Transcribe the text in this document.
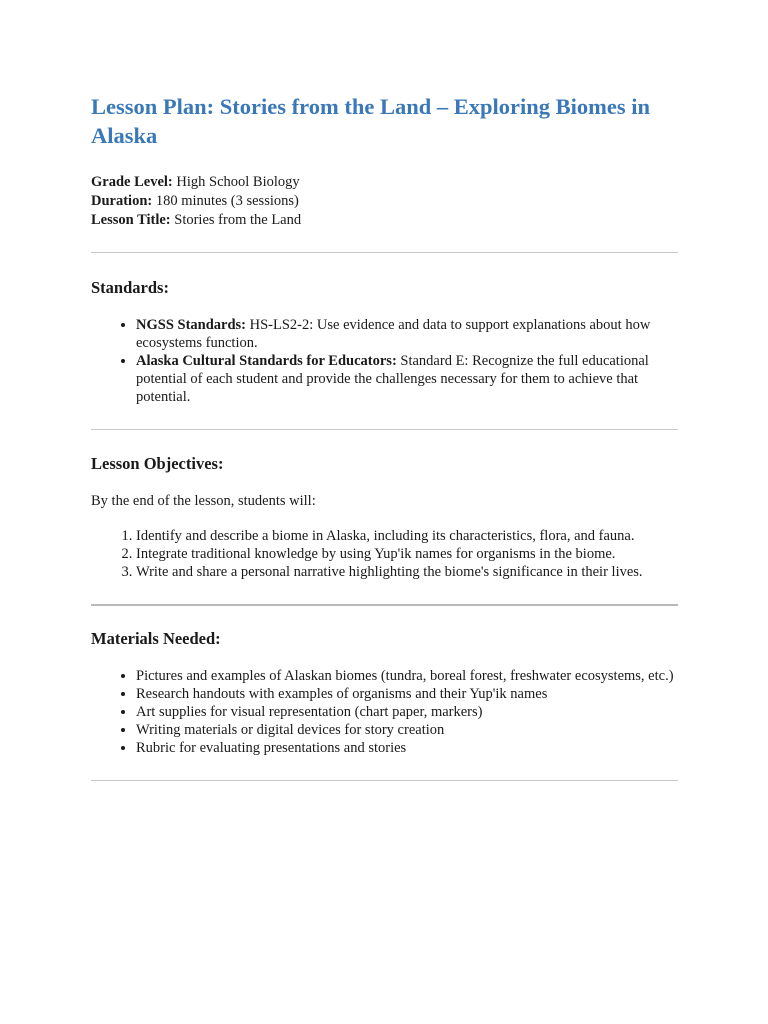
Lesson Plan: Stories from the Land – Exploring Biomes in Alaska
Grade Level: High School Biology
Duration: 180 minutes (3 sessions)
Lesson Title: Stories from the Land
Standards:
• NGSS Standards: HS-LS2-2: Use evidence and data to support explanations about how ecosystems function.
• Alaska Cultural Standards for Educators: Standard E: Recognize the full educational potential of each student and provide the challenges necessary for them to achieve that potential.
Lesson Objectives:
By the end of the lesson, students will:
1. Identify and describe a biome in Alaska, including its characteristics, flora, and fauna.
2. Integrate traditional knowledge by using Yup'ik names for organisms in the biome.
3. Write and share a personal narrative highlighting the biome's significance in their lives.
Materials Needed:
• Pictures and examples of Alaskan biomes (tundra, boreal forest, freshwater ecosystems, etc.)
• Research handouts with examples of organisms and their Yup'ik names
• Art supplies for visual representation (chart paper, markers)
• Writing materials or digital devices for story creation
• Rubric for evaluating presentations and stories
